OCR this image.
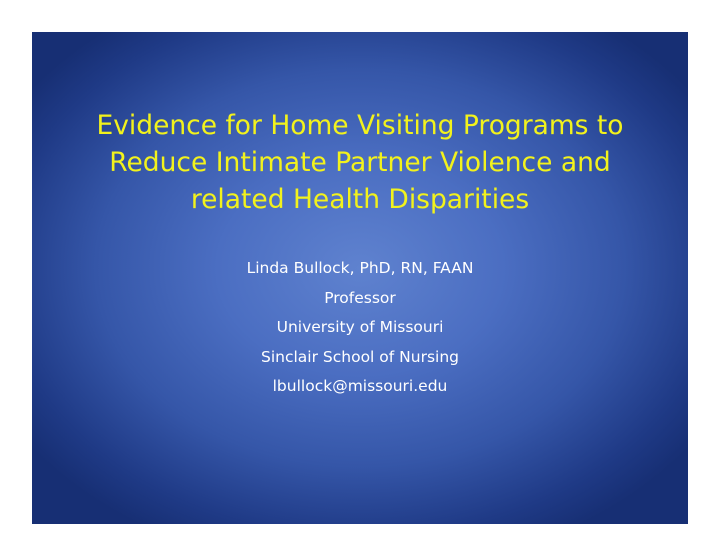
Evidence for Home Visiting Programs to
Reduce Intimate Partner Violence and
related Health Disparities
Linda Bullock, PhD, RN, FAAN
Professor
University of Missouri
Sinclair School of Nursing
lbullock@missouri.edu
